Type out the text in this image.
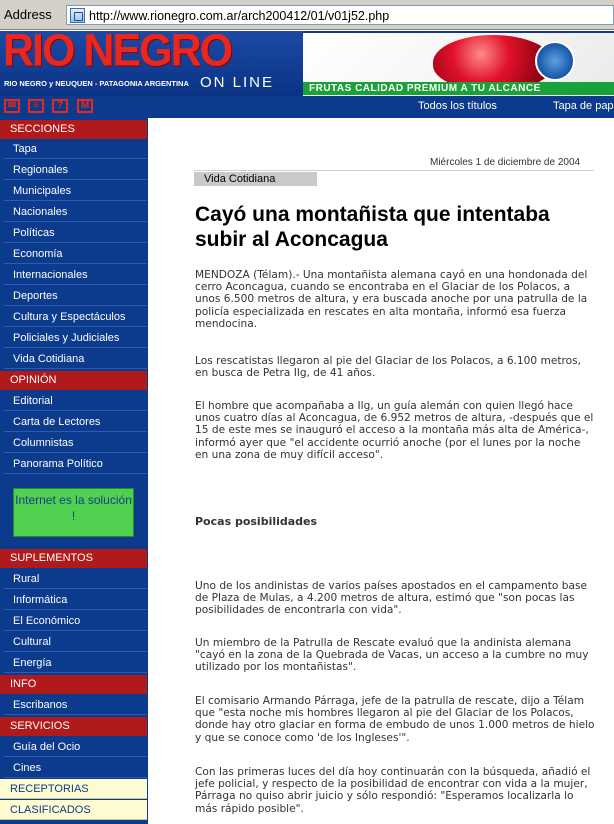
Address	http://www.rionegro.com.ar/arch200412/01/v01j52.php
RIO NEGRO
RIO NEGRO y NEUQUEN - PATAGONIA ARGENTINA ON LINE	FRUTAS CALIDAD PREMIUM A TU ALCANCE
✉	≡	?	M	Todos los títulos	Tapa de pap
SECCIONES
Tapa
Regionales
Municipales
Nacionales
Políticas
Economía
Internacionales
Deportes
Cultura y Espectáculos
Policiales y Judiciales
Vida Cotidiana
OPINIÓN
Editorial
Carta de Lectores
Columnistas
Panorama Político
Internet es la solución !
SUPLEMENTOS
Rural
Informática
El Económico
Cultural
Energía
INFO
Escribanos
SERVICIOS
Guía del Ocio
Cines
RECEPTORIAS
CLASIFICADOS
Miércoles 1 de diciembre de 2004
Vida Cotidiana
Cayó una montañista que intentaba subir al Aconcagua

MENDOZA (Télam).- Una montañista alemana cayó en una hondonada del cerro Aconcagua, cuando se encontraba en el Glaciar de los Polacos, a unos 6.500 metros de altura, y era buscada anoche por una patrulla de la policía especializada en rescates en alta montaña, informó esa fuerza mendocina.

Los rescatistas llegaron al pie del Glaciar de los Polacos, a 6.100 metros, en busca de Petra Ilg, de 41 años.

El hombre que acompañaba a Ilg, un guía alemán con quien llegó hace unos cuatro días al Aconcagua, de 6.952 metros de altura, -después que el 15 de este mes se inauguró el acceso a la montaña más alta de América-, informó ayer que "el accidente ocurrió anoche (por el lunes por la noche en una zona de muy difícil acceso".

Pocas posibilidades

Uno de los andinistas de varios países apostados en el campamento base de Plaza de Mulas, a 4.200 metros de altura, estimó que "son pocas las posibilidades de encontrarla con vida".

Un miembro de la Patrulla de Rescate evaluó que la andinista alemana "cayó en la zona de la Quebrada de Vacas, un acceso a la cumbre no muy utilizado por los montañistas".

El comisario Armando Párraga, jefe de la patrulla de rescate, dijo a Télam que "esta noche mis hombres llegaron al pie del Glaciar de los Polacos, donde hay otro glaciar en forma de embudo de unos 1.000 metros de hielo y que se conoce como 'de los Ingleses'".

Con las primeras luces del día hoy continuarán con la búsqueda, añadió el jefe policial, y respecto de la posibilidad de encontrar con vida a la mujer, Párraga no quiso abrir juicio y sólo respondió: "Esperamos localizarla lo más rápido posible".
